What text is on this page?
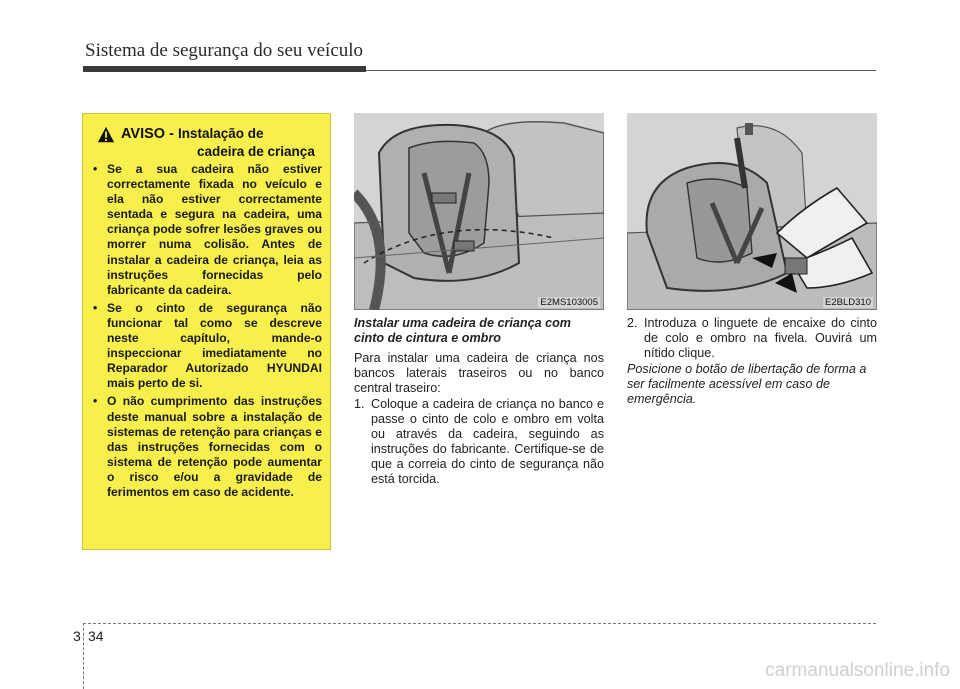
Sistema de segurança do seu veículo
AVISO - Instalação de
cadeira de criança
• Se a sua cadeira não estiver correctamente fixada no veículo e ela não estiver correctamente sentada e segura na cadeira, uma criança pode sofrer lesões graves ou morrer numa colisão. Antes de instalar a cadeira de criança, leia as instruções fornecidas pelo fabricante da cadeira.
• Se o cinto de segurança não funcionar tal como se descreve neste capítulo, mande-o inspeccionar imediatamente no Reparador Autorizado HYUNDAI mais perto de si.
• O não cumprimento das instruções deste manual sobre a instalação de sistemas de retenção para crianças e das instruções fornecidas com o sistema de retenção pode aumentar o risco e/ou a gravidade de ferimentos em caso de acidente.
E2MS103005	E2BLD310
Instalar uma cadeira de criança com cinto de cintura e ombro
Para instalar uma cadeira de criança nos bancos laterais traseiros ou no banco central traseiro:
1. Coloque a cadeira de criança no banco e passe o cinto de colo e ombro em volta ou através da cadeira, seguindo as instruções do fabricante. Certifique-se de que a correia do cinto de segurança não está torcida.
2. Introduza o linguete de encaixe do cinto de colo e ombro na fivela. Ouvirá um nítido clique.
Posicione o botão de libertação de forma a ser facilmente acessível em caso de emergência.
3 34
carmanualsonline.info
